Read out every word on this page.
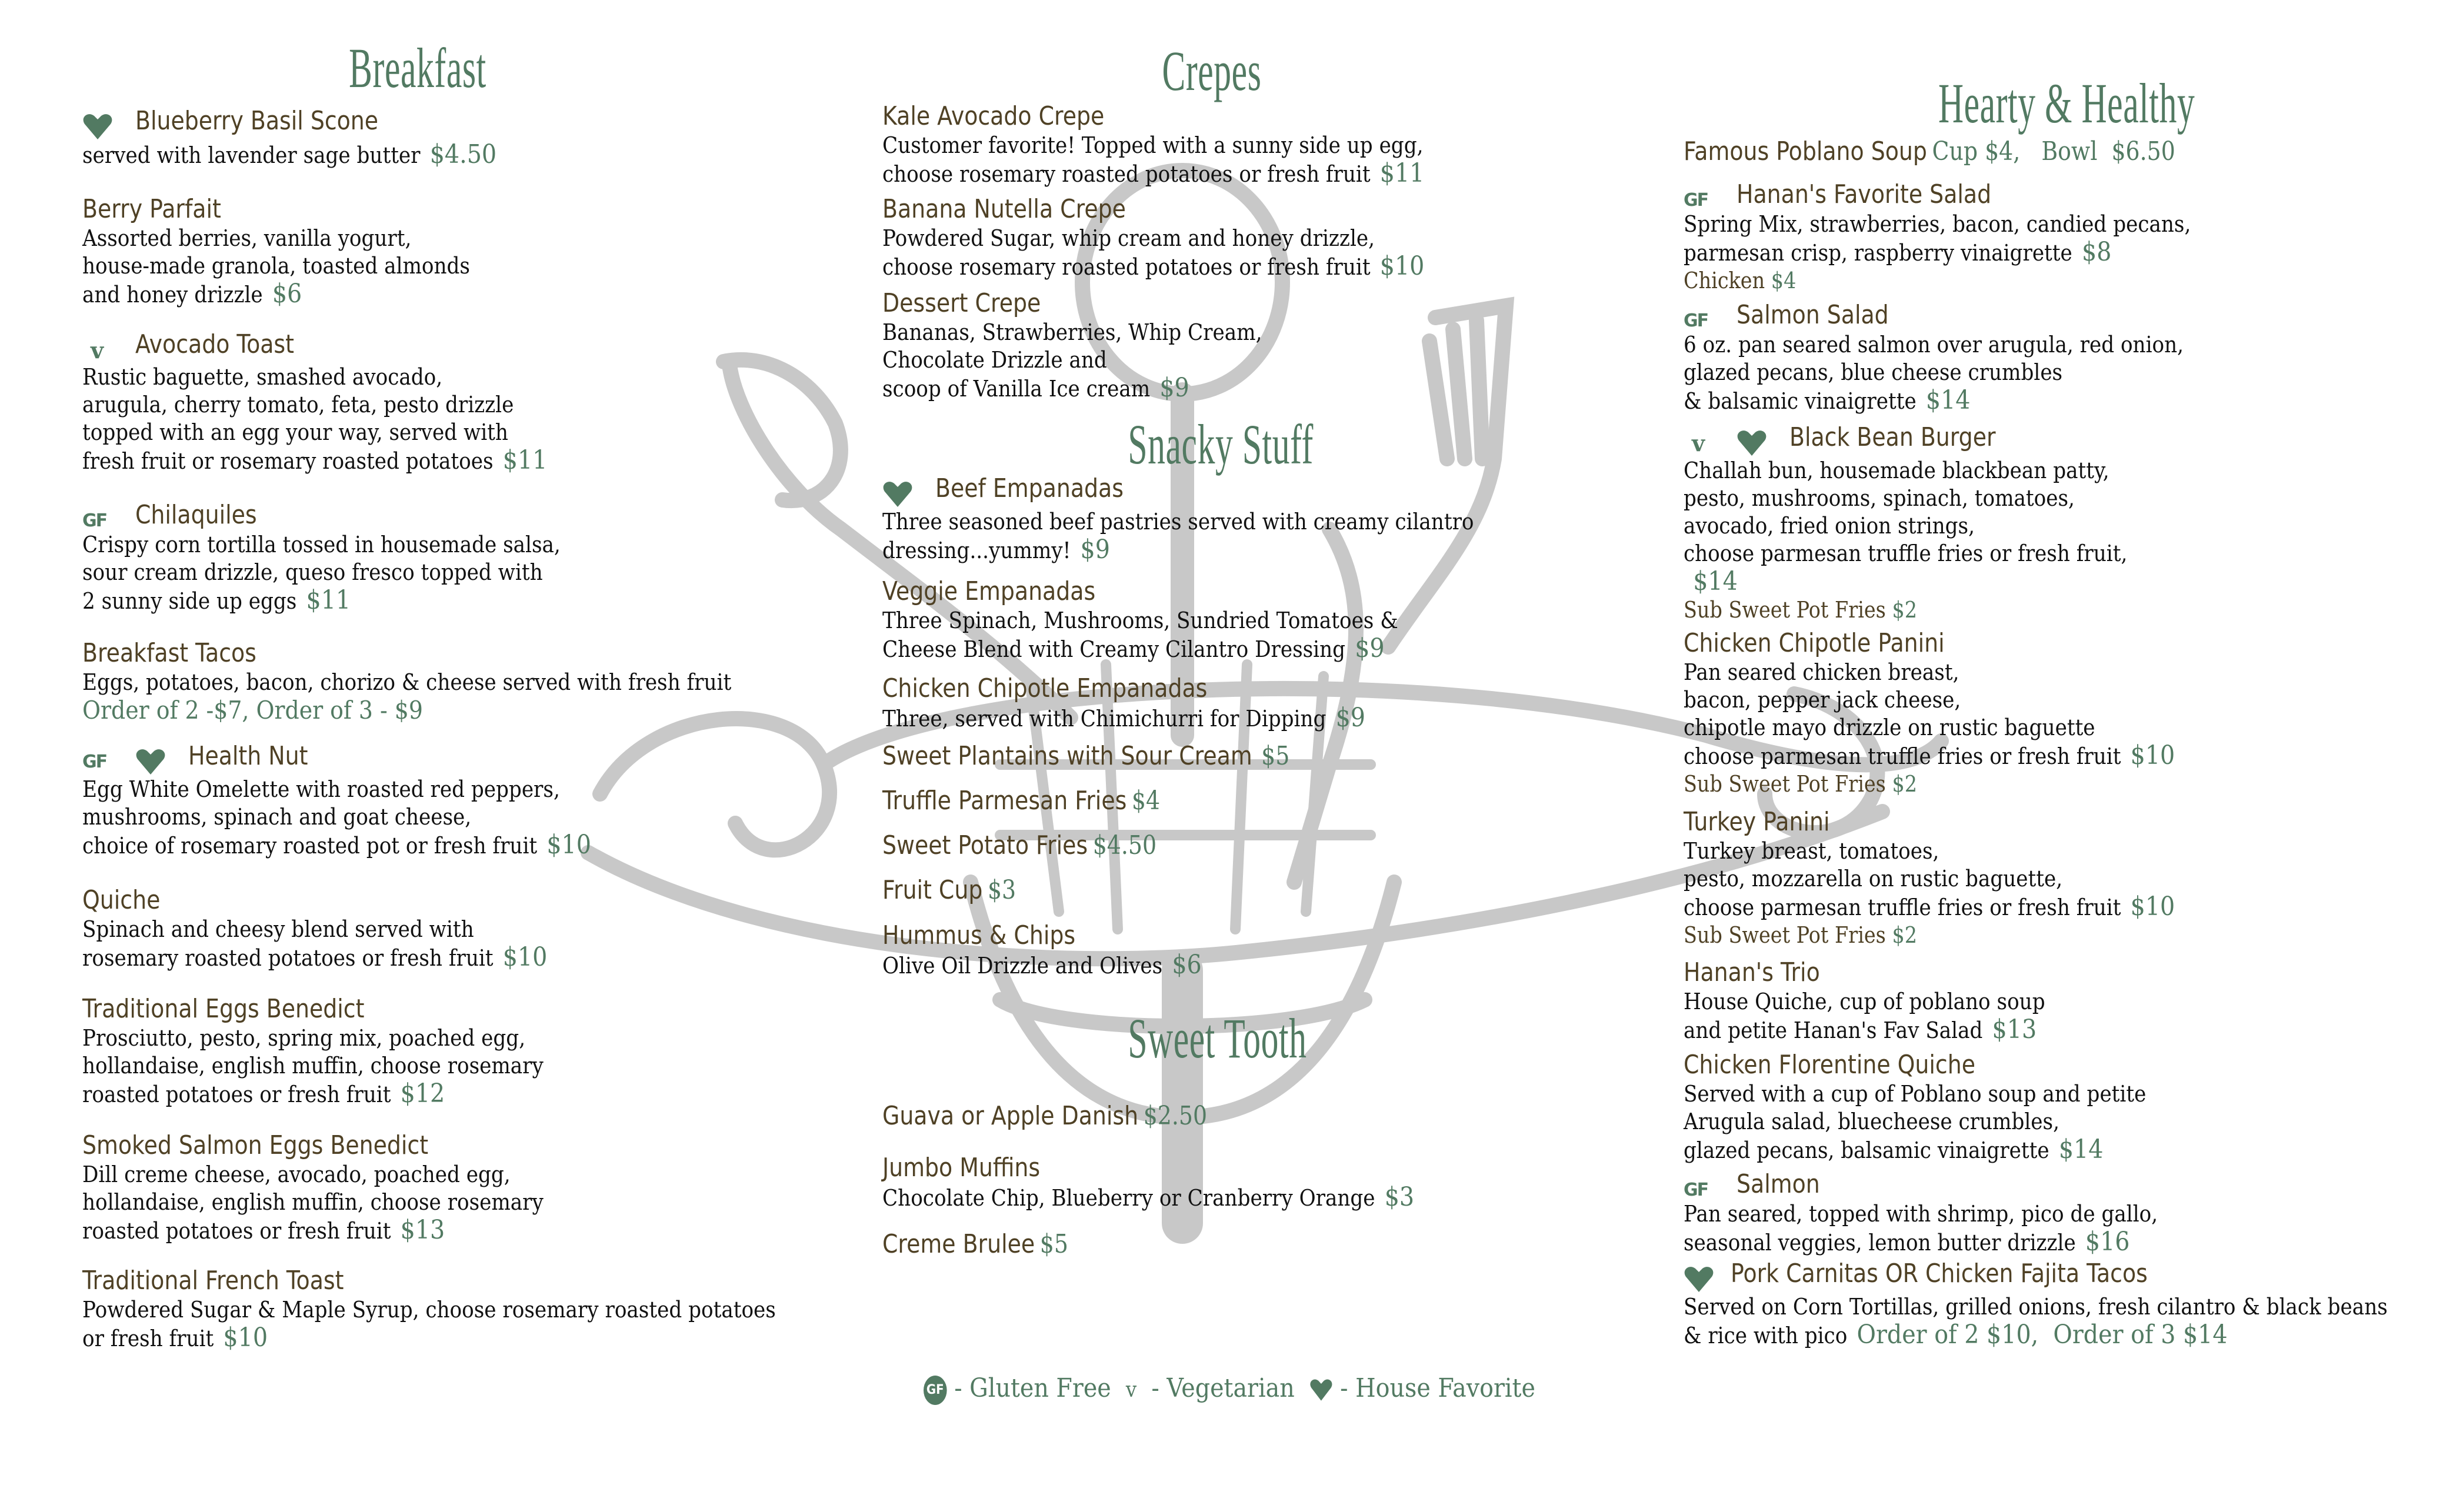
Breakfast
Blueberry Basil Scone
served with lavender sage butter $4.50
Berry Parfait
Assorted berries, vanilla yogurt,
house-made granola, toasted almonds
and honey drizzle $6
v Avocado Toast
Rustic baguette, smashed avocado,
arugula, cherry tomato, feta, pesto drizzle
topped with an egg your way, served with
fresh fruit or rosemary roasted potatoes $11
GF Chilaquiles
Crispy corn tortilla tossed in housemade salsa,
sour cream drizzle, queso fresco topped with
2 sunny side up eggs $11
Breakfast Tacos
Eggs, potatoes, bacon, chorizo & cheese served with fresh fruit
Order of 2 -$7, Order of 3 - $9
GF	Health Nut
Egg White Omelette with roasted red peppers,
mushrooms, spinach and goat cheese,
choice of rosemary roasted pot or fresh fruit $10
Quiche
Spinach and cheesy blend served with
rosemary roasted potatoes or fresh fruit $10
Traditional Eggs Benedict
Prosciutto, pesto, spring mix, poached egg,
hollandaise, english muffin, choose rosemary
roasted potatoes or fresh fruit $12
Smoked Salmon Eggs Benedict
Dill creme cheese, avocado, poached egg,
hollandaise, english muffin, choose rosemary
roasted potatoes or fresh fruit $13
Traditional French Toast
Powdered Sugar & Maple Syrup, choose rosemary roasted potatoes
or fresh fruit $10
Crepes
Kale Avocado Crepe
Customer favorite! Topped with a sunny side up egg,
choose rosemary roasted potatoes or fresh fruit $11
Banana Nutella Crepe
Powdered Sugar, whip cream and honey drizzle,
choose rosemary roasted potatoes or fresh fruit $10
Dessert Crepe
Bananas, Strawberries, Whip Cream,
Chocolate Drizzle and
scoop of Vanilla Ice cream $9
Snacky Stuff
Beef Empanadas
Three seasoned beef pastries served with creamy cilantro
dressing...yummy! $9
Veggie Empanadas
Three Spinach, Mushrooms, Sundried Tomatoes &
Cheese Blend with Creamy Cilantro Dressing $9
Chicken Chipotle Empanadas
Three, served with Chimichurri for Dipping $9
Sweet Plantains with Sour Cream $5
Truffle Parmesan Fries $4
Sweet Potato Fries $4.50
Fruit Cup $3
Hummus & Chips
Olive Oil Drizzle and Olives $6
Sweet Tooth
Guava or Apple Danish $2.50
Jumbo Muffins
Chocolate Chip, Blueberry or Cranberry Orange $3
Creme Brulee $5
Hearty & Healthy
Famous Poblano Soup Cup $4,   Bowl  $6.50
GF Hanan's Favorite Salad
Spring Mix, strawberries, bacon, candied pecans,
parmesan crisp, raspberry vinaigrette $8
Chicken $4
GF Salmon Salad
6 oz. pan seared salmon over arugula, red onion,
glazed pecans, blue cheese crumbles
& balsamic vinaigrette $14
v	Black Bean Burger
Challah bun, housemade blackbean patty,
pesto, mushrooms, spinach, tomatoes,
avocado, fried onion strings,
choose parmesan truffle fries or fresh fruit,
$14
Sub Sweet Pot Fries $2
Chicken Chipotle Panini
Pan seared chicken breast,
bacon, pepper jack cheese,
chipotle mayo drizzle on rustic baguette
choose parmesan truffle fries or fresh fruit $10
Sub Sweet Pot Fries $2
Turkey Panini
Turkey breast, tomatoes,
pesto, mozzarella on rustic baguette,
choose parmesan truffle fries or fresh fruit $10
Sub Sweet Pot Fries $2
Hanan's Trio
House Quiche, cup of poblano soup
and petite Hanan's Fav Salad $13
Chicken Florentine Quiche
Served with a cup of Poblano soup and petite
Arugula salad, bluecheese crumbles,
glazed pecans, balsamic vinaigrette $14
GF Salmon
Pan seared, topped with shrimp, pico de gallo,
seasonal veggies, lemon butter drizzle $16
Pork Carnitas OR Chicken Fajita Tacos
Served on Corn Tortillas, grilled onions, fresh cilantro & black beans
& rice with pico Order of 2 $10,  Order of 3 $14
GF - Gluten Free v - Vegetarian - House Favorite
